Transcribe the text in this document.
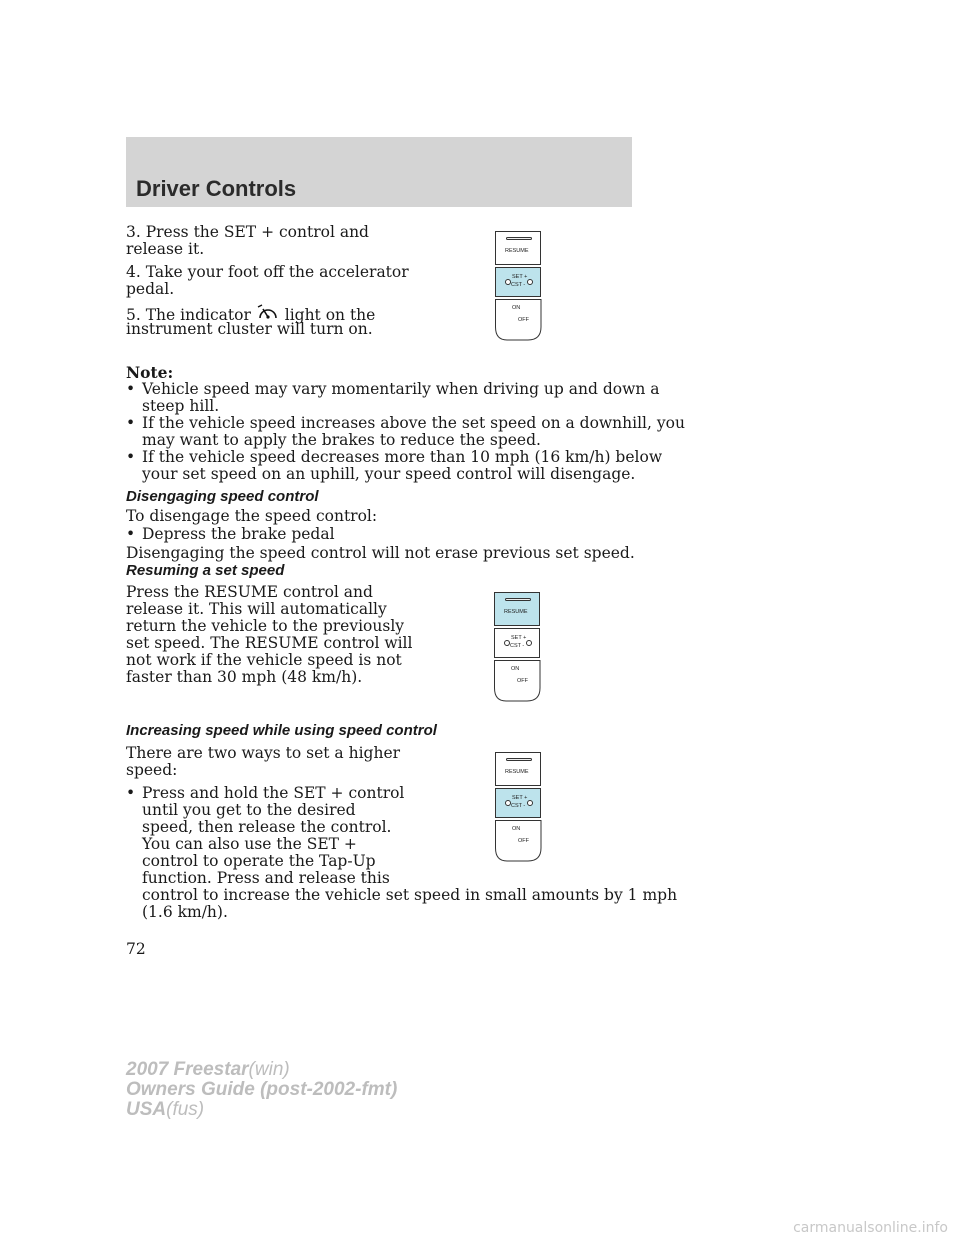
Driver Controls

3. Press the SET + control and
release it.

4. Take your foot off the accelerator
pedal.

5. The indicator light on the

instrument cluster will turn on.

RESUME
SET +
CST -
ON
OFF

Note:

• Vehicle speed may vary momentarily when driving up and down a
steep hill.

• If the vehicle speed increases above the set speed on a downhill, you
may want to apply the brakes to reduce the speed.

• If the vehicle speed decreases more than 10 mph (16 km/h) below
your set speed on an uphill, your speed control will disengage.

Disengaging speed control

To disengage the speed control:

• Depress the brake pedal

Disengaging the speed control will not erase previous set speed.

Resuming a set speed

Press the RESUME control and
release it. This will automatically
return the vehicle to the previously
set speed. The RESUME control will
not work if the vehicle speed is not
faster than 30 mph (48 km/h).

RESUME
SET +
CST -
ON
OFF
Increasing speed while using speed control

There are two ways to set a higher
speed:

• Press and hold the SET + control
until you get to the desired
speed, then release the control.
You can also use the SET +
control to operate the Tap-Up
function. Press and release this

control to increase the vehicle set speed in small amounts by 1 mph
(1.6 km/h).

RESUME
SET +
CST -
ON
OFF

72

2007 Freestar(win)

Owners Guide (post-2002-fmt)

USA(fus)

carmanualsonline.info
